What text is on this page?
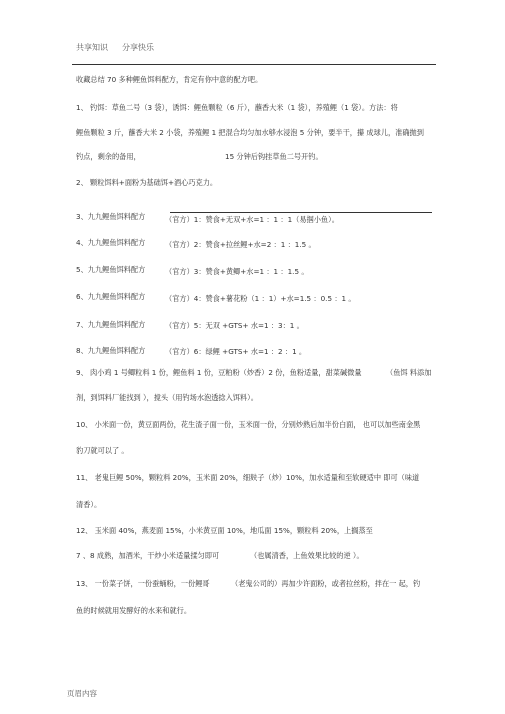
共享知识 分享快乐
收藏总结 70 多种鲤鱼饵料配方，肯定有你中意的配方吧。
1、 钓饵：草鱼二号（3 袋），诱饵：鲤鱼颗粒（6 斤），蘸香大米（1 袋），养殖鲤（1 袋）。方法：将
鲤鱼颗粒 3 斤，蘸香大米 2 小袋，养殖鲤 1 把混合均匀加水够水浸泡 5 分钟，要半干，攥 成球儿，准确抛到
钓点，剩余的备用，	15 分钟后钩挂草鱼二号开钓。
2、 颗粒饵料+面粉为基础饵+酒心巧克力。
3、九九鲤鱼饵料配方	（官方）1：赞食+无双+水=1 ：1 ：1（易掴小鱼）。
4、九九鲤鱼饵料配方	（官方）2：赞食+拉丝鲤+水=2 ：1 ：1.5 。
5、九九鲤鱼饵料配方	（官方）3：赞食+黄鲫+水=1 ：1 ：1.5 。
6、九九鲤鱼饵料配方	（官方）4：赞食+薯花粉（1 ：1）+水=1.5 ：0.5 ：1 。
7、九九鲤鱼饵料配方	（官方）5：无双 +GTS+ 水=1 ：3：1 。
8、九九鲤鱼饵料配方	（官方）6：绿鲤 +GTS+ 水=1 ：2 ：1 。
9、 肉小鸡 1 号鲫粒料 1 份，鲤鱼料 1 份，豆粕粉（炒香）2 份，鱼粉适量，甜菜碱微量	（鱼饵 料添加
剂，到饵料厂能找到 ），搅头（用钓场水泡透捻入饵料）。
10、 小米面一份，黄豆面两份，花生渣子面一份，玉米面一份，分别炒熟后加半份白面， 也可以加些南金黑
豹刀就可以了 。
11、 老鬼巨鲤 50%，颗粒料 20%，玉米面 20%，细麸子（炒）10%，加水适量和至软硬适中 即可（味道
清香）。
12、 玉米面 40%，燕麦面 15%，小米黄豆面 10%，地瓜面 15%，颗粒料 20%，上搁蒸至
7 、8 成熟，加酒米，干炒小米适量揉匀即可	（也属清香，上鱼效果比较的逆 ）。
13、 一份菜子饼，一份蚕蛹粉，一份鲤哥	（老鬼公司的）再加少许面粉，或者拉丝粉，拌在一 起，钓
鱼的时候就用发酵好的水来和就行。
页眉内容
